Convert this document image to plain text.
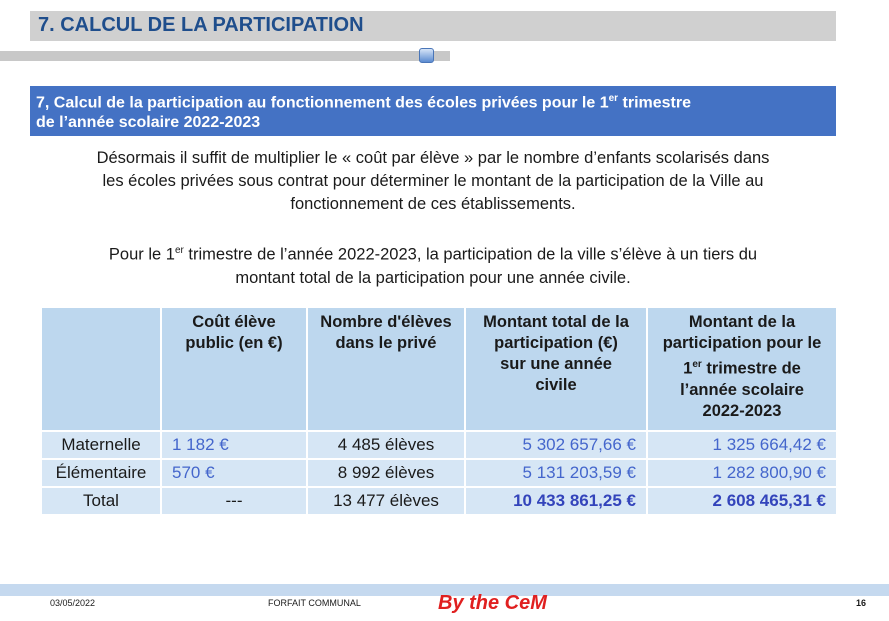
7. CALCUL DE LA PARTICIPATION
7, Calcul de la participation au fonctionnement des écoles privées pour le 1er trimestre
de l’année scolaire 2022-2023
Désormais il suffit de multiplier le « coût par élève » par le nombre d’enfants scolarisés dans
les écoles privées sous contrat pour déterminer le montant de la participation de la Ville au
fonctionnement de ces établissements.
Pour le 1er trimestre de l’année 2022-2023, la participation de la ville s’élève à un tiers du
montant total de la participation pour une année civile.
	Coût élève
public (en €)	Nombre d'élèves
dans le privé	Montant total de la
participation (€)
sur une année
civile	Montant de la
participation pour le
1er trimestre de
l’année scolaire
2022-2023
Maternelle	1 182 €	4 485 élèves	5 302 657,66 €	1 325 664,42 €
Élémentaire	570 €	8 992 élèves	5 131 203,59 €	1 282 800,90 €
Total	---	13 477 élèves	10 433 861,25 €	2 608 465,31 €
03/05/2022	FORFAIT COMMUNAL	By the CeM	16
